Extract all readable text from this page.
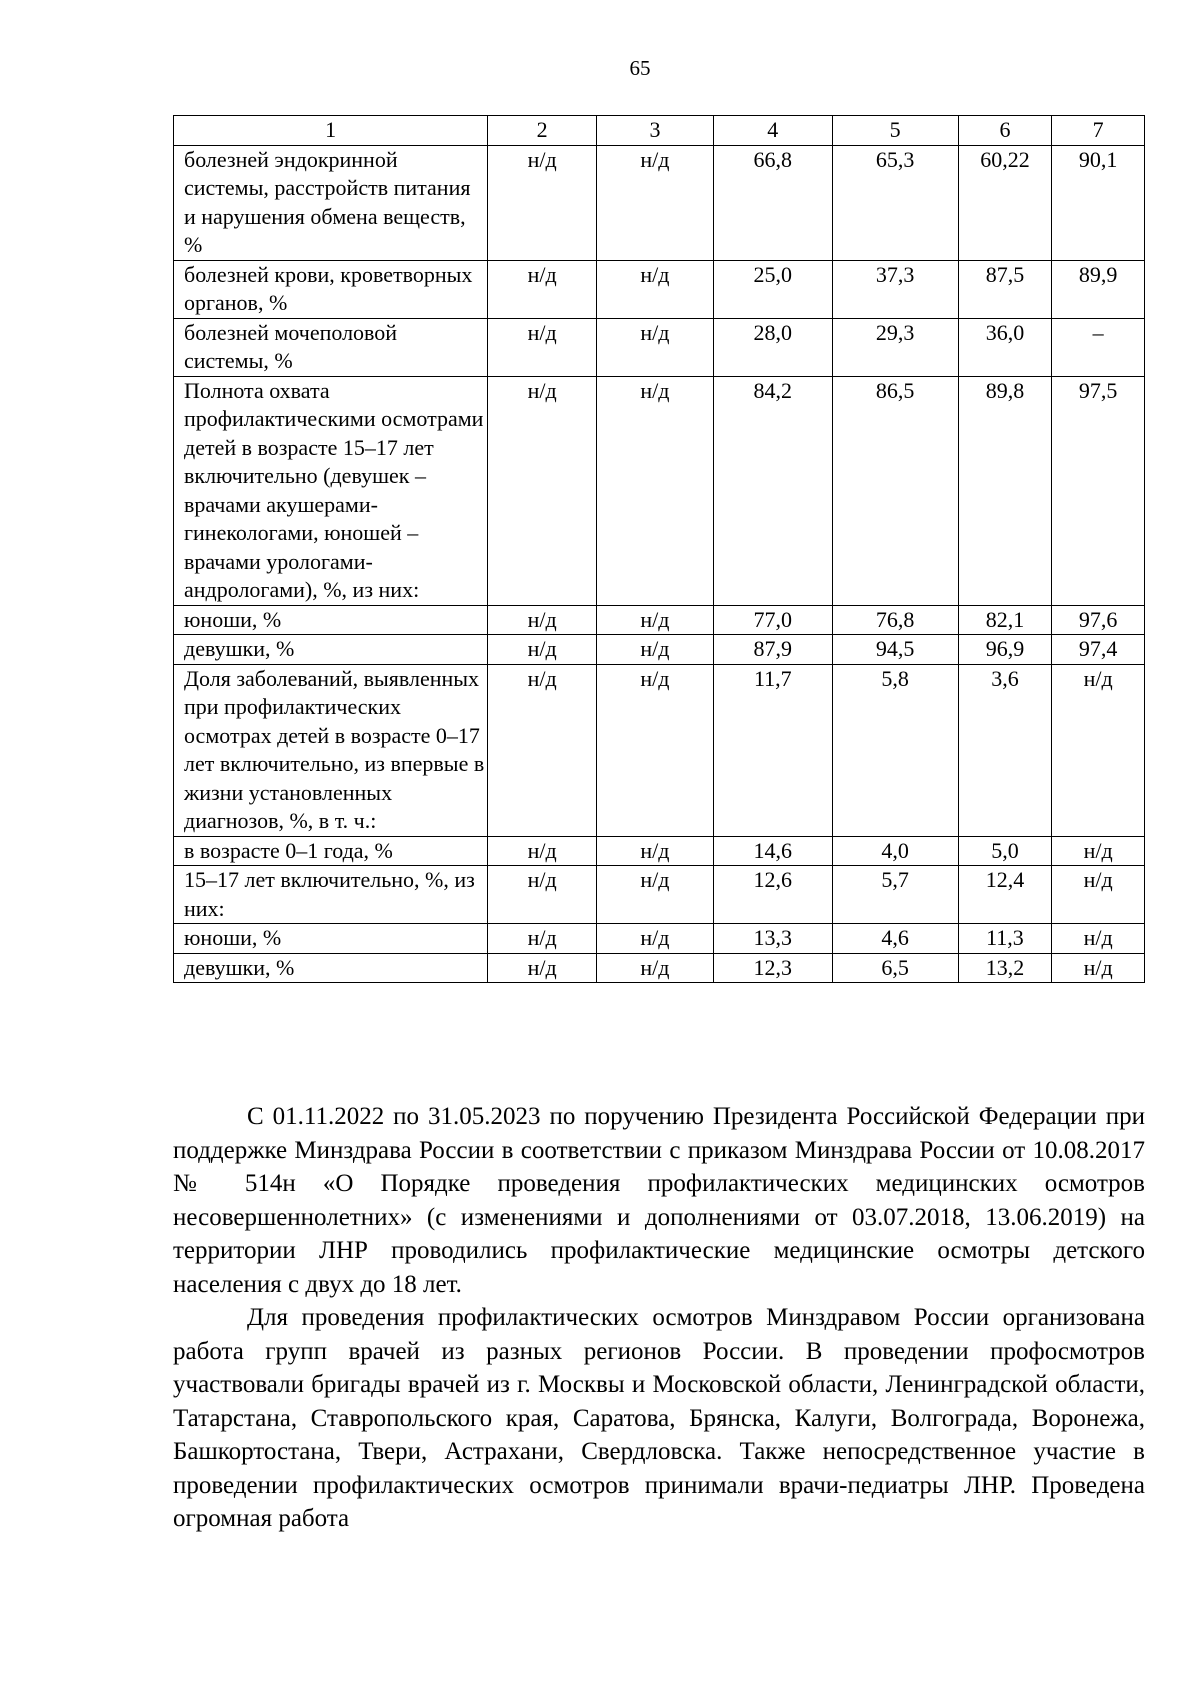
65
1	2	3	4	5	6	7
болезней эндокринной системы, расстройств питания и нарушения обмена веществ, %	н/д	н/д	66,8	65,3	60,22	90,1
болезней крови, кроветворных органов, %	н/д	н/д	25,0	37,3	87,5	89,9
болезней мочеполовой системы, %	н/д	н/д	28,0	29,3	36,0	–
Полнота охвата профилактическими осмотрами детей в возрасте 15–17 лет включительно (девушек – врачами акушерами-гинекологами, юношей – врачами урологами-андрологами), %, из них:	н/д	н/д	84,2	86,5	89,8	97,5
юноши, %	н/д	н/д	77,0	76,8	82,1	97,6
девушки, %	н/д	н/д	87,9	94,5	96,9	97,4
Доля заболеваний, выявленных при профилактических осмотрах детей в возрасте 0–17 лет включительно, из впервые в жизни установленных диагнозов, %, в т. ч.:	н/д	н/д	11,7	5,8	3,6	н/д
в возрасте 0–1 года, %	н/д	н/д	14,6	4,0	5,0	н/д
15–17 лет включительно, %, из них:	н/д	н/д	12,6	5,7	12,4	н/д
юноши, %	н/д	н/д	13,3	4,6	11,3	н/д
девушки, %	н/д	н/д	12,3	6,5	13,2	н/д

С 01.11.2022 по 31.05.2023 по поручению Президента Российской Федерации при поддержке Минздрава России в соответствии с приказом Минздрава России от 10.08.2017 № 514н «О Порядке проведения профилактических медицинских осмотров несовершеннолетних» (с изменениями и дополнениями от 03.07.2018, 13.06.2019) на территории ЛНР проводились профилактические медицинские осмотры детского населения с двух до 18 лет.

Для проведения профилактических осмотров Минздравом России организована работа групп врачей из разных регионов России. В проведении профосмотров участвовали бригады врачей из г. Москвы и Московской области, Ленинградской области, Татарстана, Ставропольского края, Саратова, Брянска, Калуги, Волгограда, Воронежа, Башкортостана, Твери, Астрахани, Свердловска. Также непосредственное участие в проведении профилактических осмотров принимали врачи-педиатры ЛНР. Проведена огромная работа
